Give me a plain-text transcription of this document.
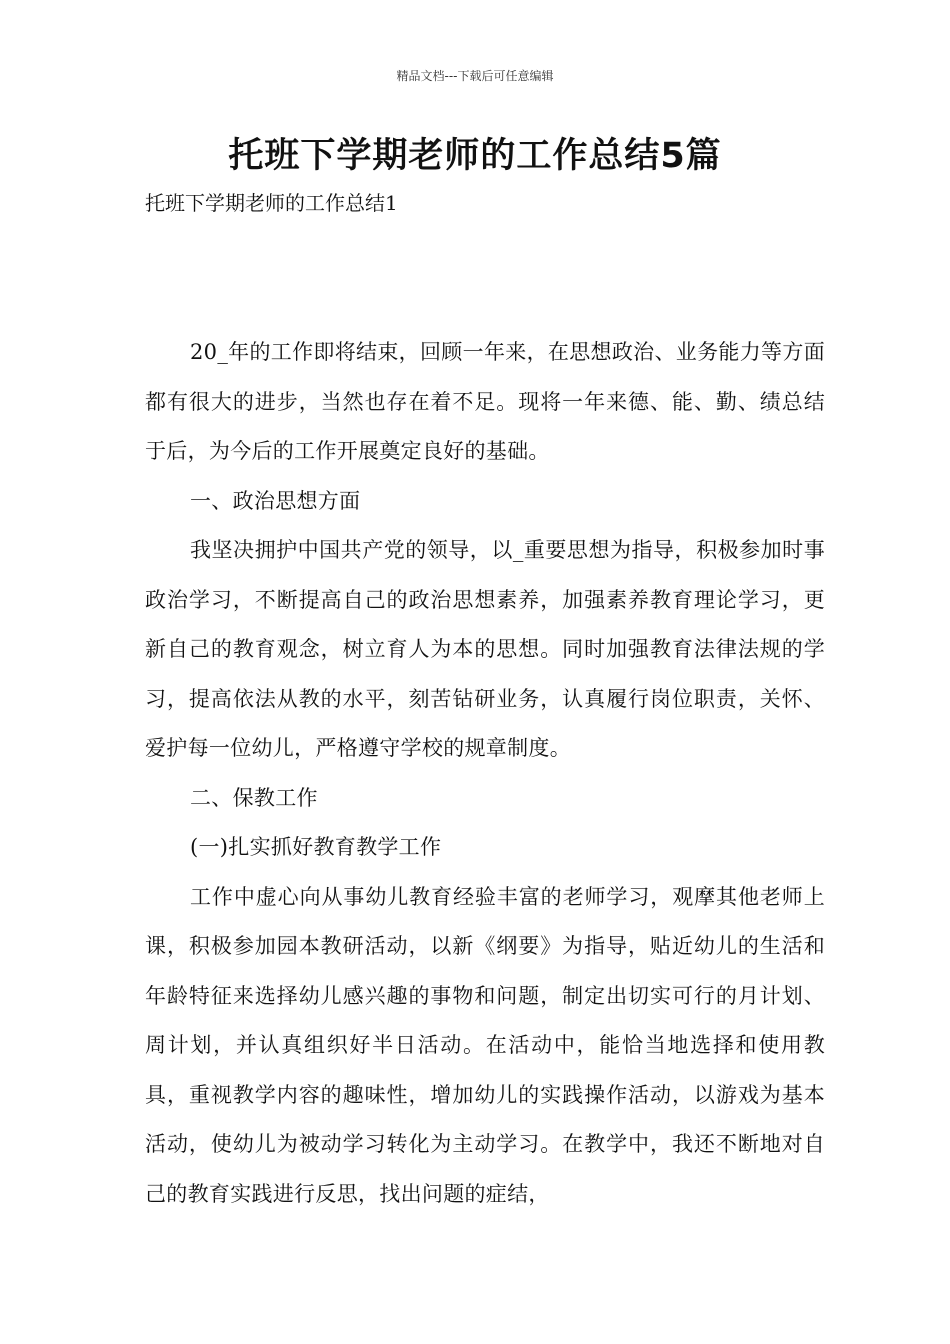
精品文档---下载后可任意编辑
托班下学期老师的工作总结5篇
托班下学期老师的工作总结1

20_年的工作即将结束，回顾一年来，在思想政治、业务能力等方面都有很大的进步，当然也存在着不足。现将一年来德、能、勤、绩总结于后，为今后的工作开展奠定良好的基础。

一、政治思想方面

我坚决拥护中国共产党的领导，以_重要思想为指导，积极参加时事政治学习，不断提高自己的政治思想素养，加强素养教育理论学习，更新自己的教育观念，树立育人为本的思想。同时加强教育法律法规的学习，提高依法从教的水平，刻苦钻研业务，认真履行岗位职责，关怀、爱护每一位幼儿，严格遵守学校的规章制度。

二、保教工作

(一)扎实抓好教育教学工作

工作中虚心向从事幼儿教育经验丰富的老师学习，观摩其他老师上课，积极参加园本教研活动，以新《纲要》为指导，贴近幼儿的生活和年龄特征来选择幼儿感兴趣的事物和问题，制定出切实可行的月计划、周计划，并认真组织好半日活动。在活动中，能恰当地选择和使用教具，重视教学内容的趣味性，增加幼儿的实践操作活动，以游戏为基本活动，使幼儿为被动学习转化为主动学习。在教学中，我还不断地对自己的教育实践进行反思，找出问题的症结，
